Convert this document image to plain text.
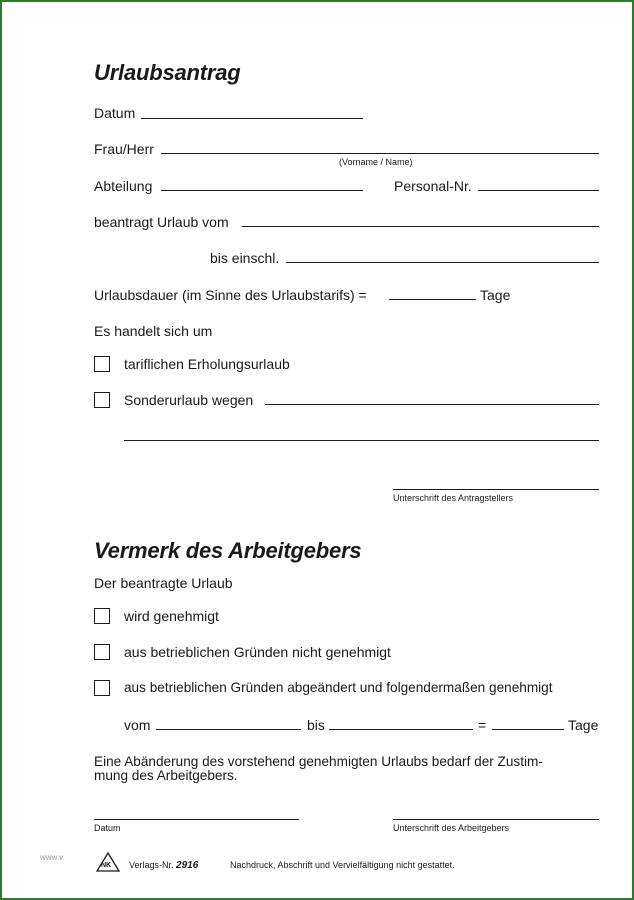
Urlaubsantrag
Datum
Frau/Herr
(Vorname / Name)
Abteilung	Personal-Nr.
beantragt Urlaub vom
bis einschl.
Urlaubsdauer (im Sinne des Urlaubstarifs) =	Tage
Es handelt sich um
tariflichen Erholungsurlaub
Sonderurlaub wegen
Unterschrift des Antragstellers
Vermerk des Arbeitgebers
Der beantragte Urlaub
wird genehmigt
aus betrieblichen Gründen nicht genehmigt
aus betrieblichen Gründen abgeändert und folgendermaßen genehmigt
vom	bis	=	Tage
Eine Abänderung des vorstehend genehmigten Urlaubs bedarf der Zustim-
mung des Arbeitgebers.
Datum	Unterschrift des Arbeitgebers
www.v
NK Verlags-Nr. 2916	Nachdruck, Abschrift und Vervielfältigung nicht gestattet.
